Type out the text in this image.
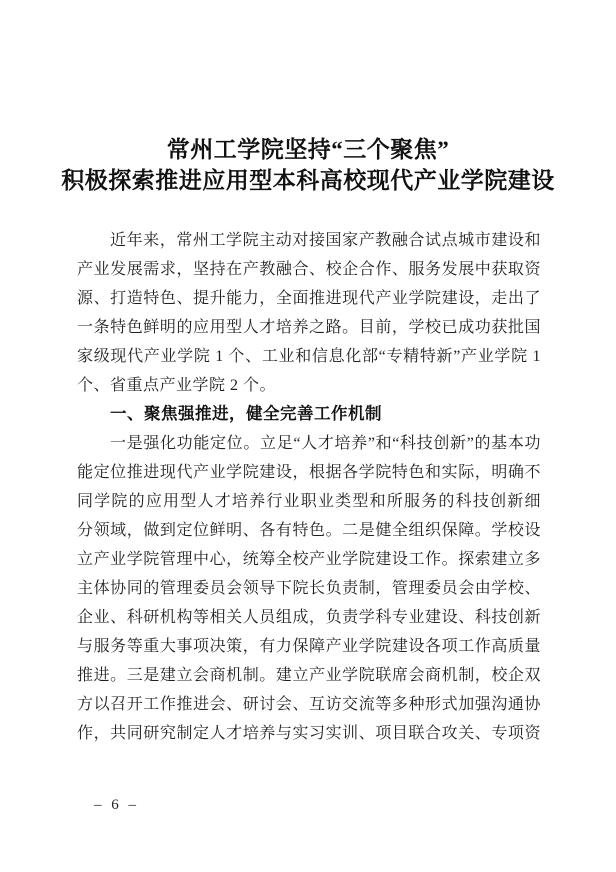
常州工学院坚持“三个聚焦”
积极探索推进应用型本科高校现代产业学院建设
近年来，常州工学院主动对接国家产教融合试点城市建设和
产业发展需求，坚持在产教融合、校企合作、服务发展中获取资
源、打造特色、提升能力，全面推进现代产业学院建设，走出了
一条特色鲜明的应用型人才培养之路。目前，学校已成功获批国
家级现代产业学院 1 个、工业和信息化部“专精特新”产业学院 1
个、省重点产业学院 2 个。
一、聚焦强推进，健全完善工作机制
一是强化功能定位。立足“人才培养”和“科技创新”的基本功
能定位推进现代产业学院建设，根据各学院特色和实际，明确不
同学院的应用型人才培养行业职业类型和所服务的科技创新细
分领域，做到定位鲜明、各有特色。二是健全组织保障。学校设
立产业学院管理中心，统筹全校产业学院建设工作。探索建立多
主体协同的管理委员会领导下院长负责制，管理委员会由学校、
企业、科研机构等相关人员组成，负责学科专业建设、科技创新
与服务等重大事项决策，有力保障产业学院建设各项工作高质量
推进。三是建立会商机制。建立产业学院联席会商机制，校企双
方以召开工作推进会、研讨会、互访交流等多种形式加强沟通协
作，共同研究制定人才培养与实习实训、项目联合攻关、专项资
– 6 –
